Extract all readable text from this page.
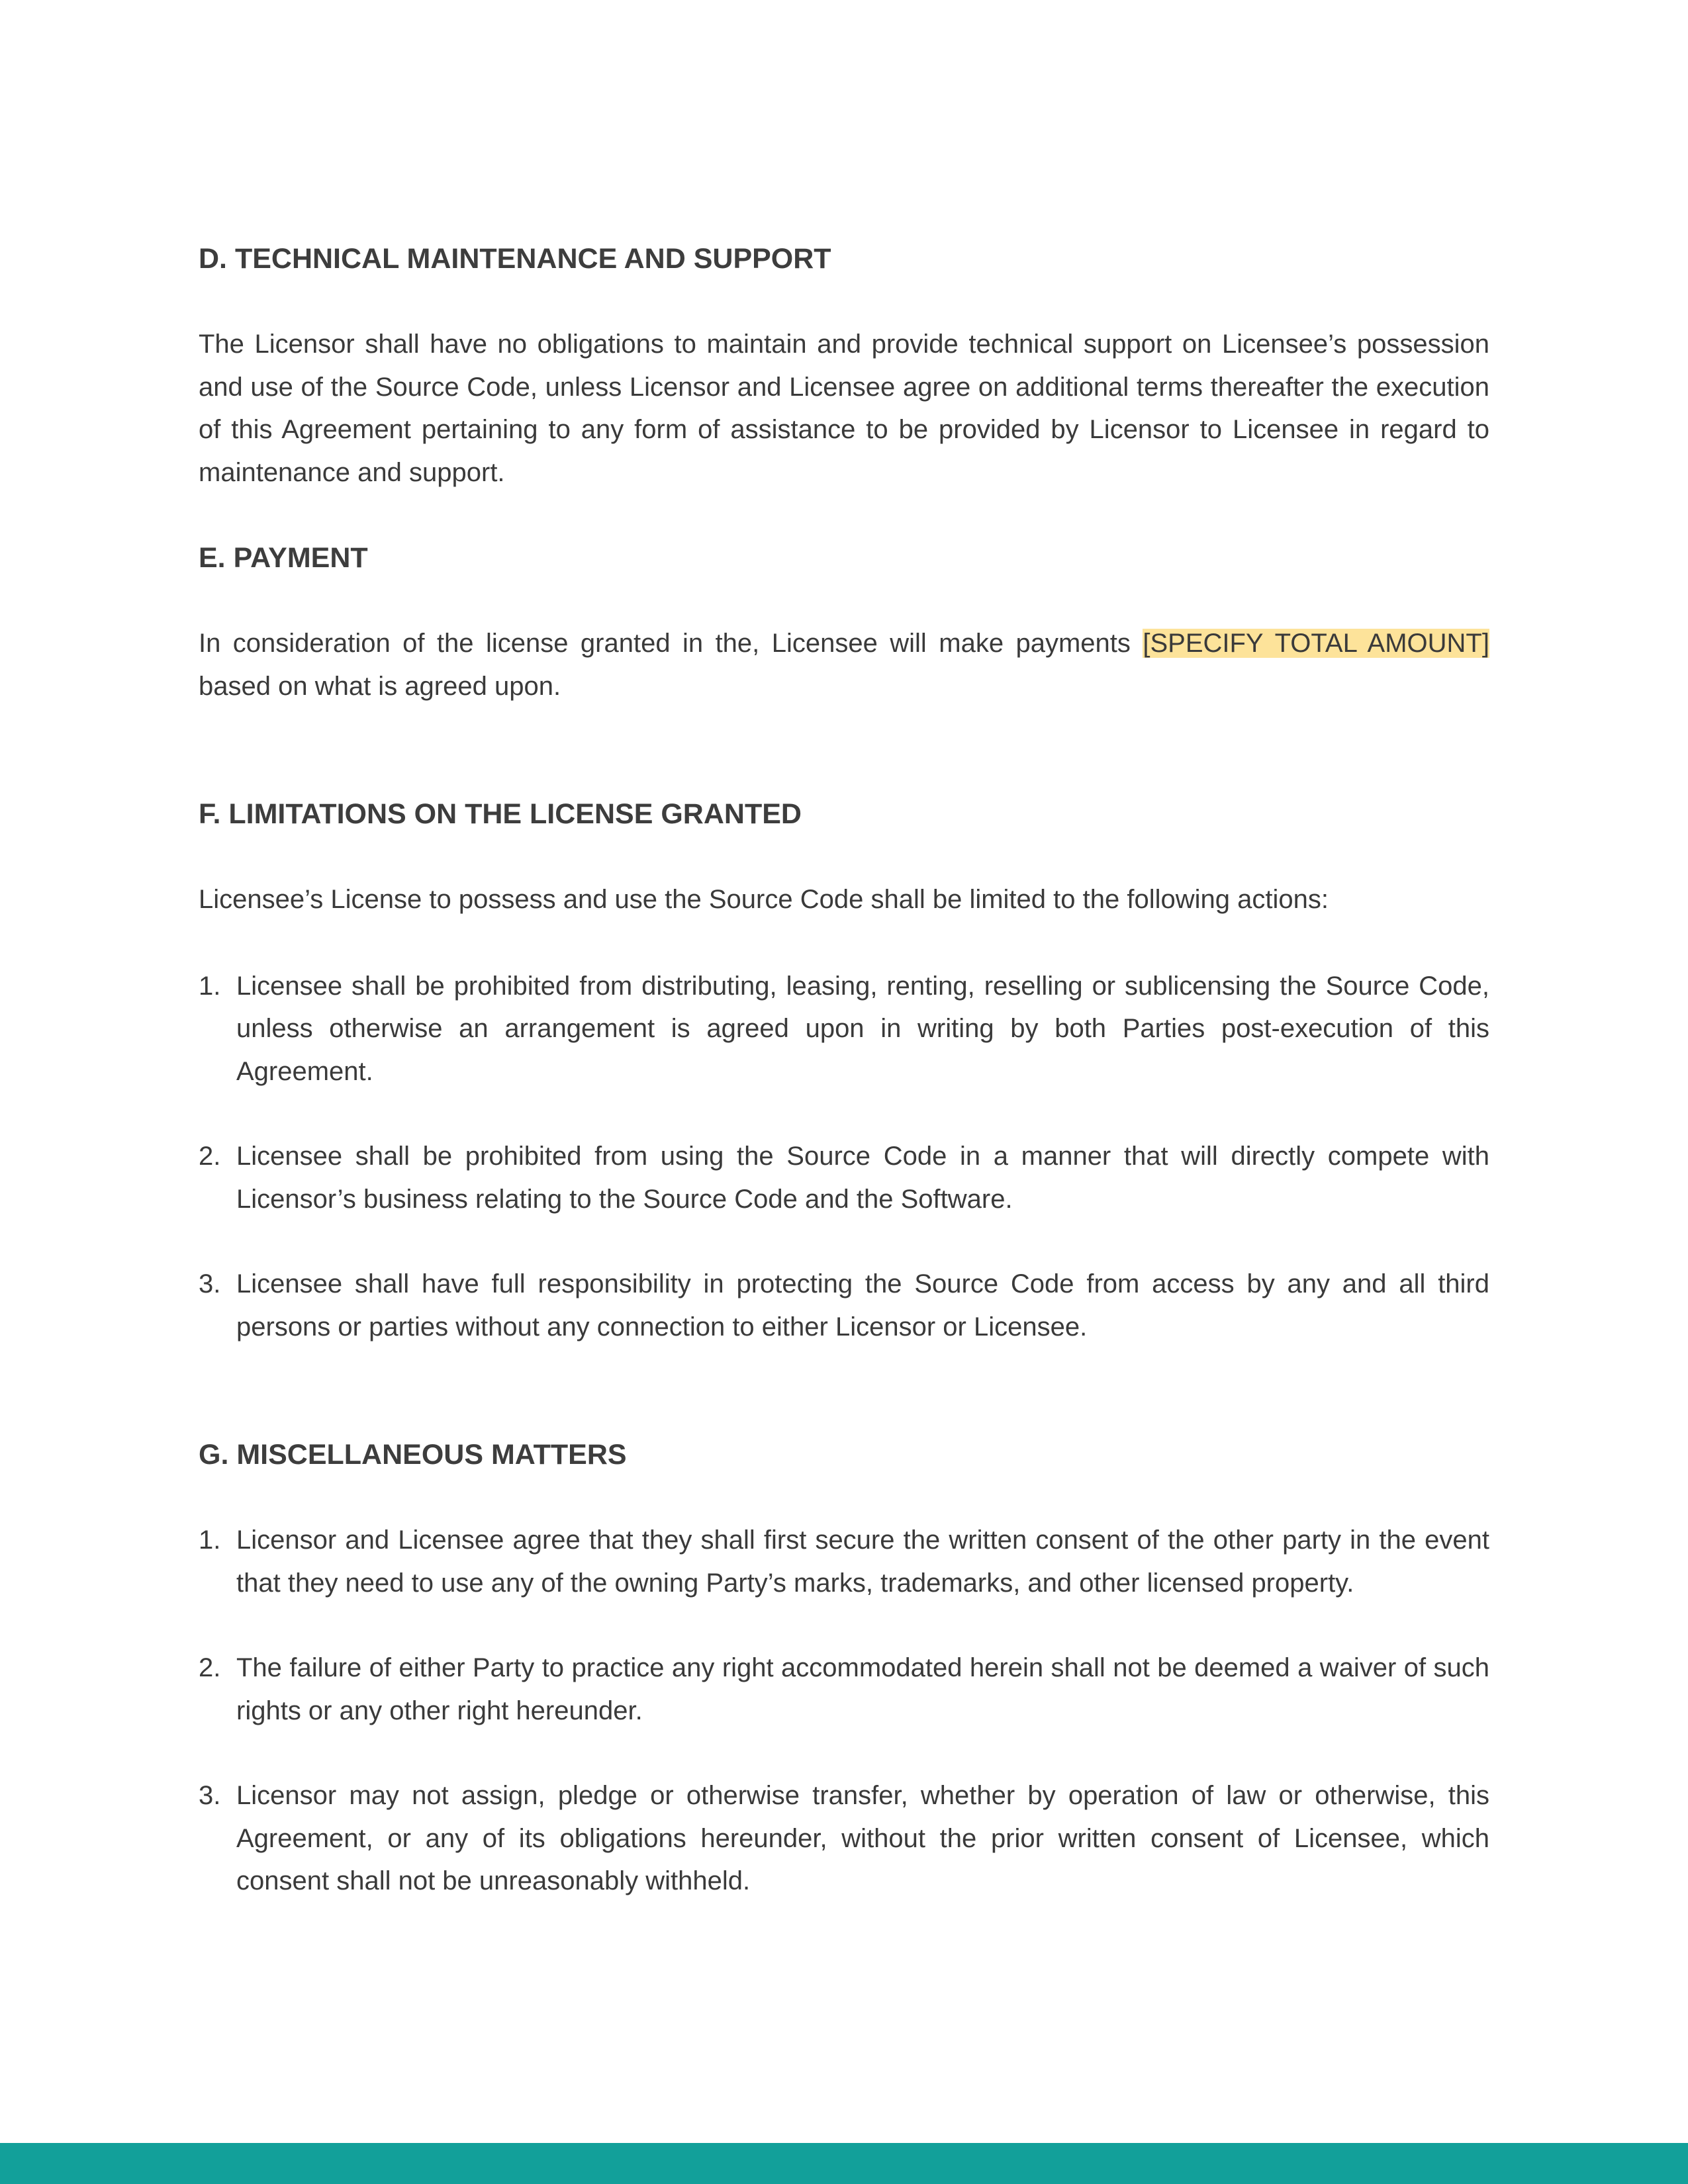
D. TECHNICAL MAINTENANCE AND SUPPORT

The Licensor shall have no obligations to maintain and provide technical support on Licensee’s possession and use of the Source Code, unless Licensor and Licensee agree on additional terms thereafter the execution of this Agreement pertaining to any form of assistance to be provided by Licensor to Licensee in regard to maintenance and support.

E. PAYMENT

In consideration of the license granted in the, Licensee will make payments [SPECIFY TOTAL AMOUNT] based on what is agreed upon.

F. LIMITATIONS ON THE LICENSE GRANTED

Licensee’s License to possess and use the Source Code shall be limited to the following actions:

1. Licensee shall be prohibited from distributing, leasing, renting, reselling or sublicensing the Source Code, unless otherwise an arrangement is agreed upon in writing by both Parties post-execution of this Agreement.
2. Licensee shall be prohibited from using the Source Code in a manner that will directly compete with Licensor’s business relating to the Source Code and the Software.
3. Licensee shall have full responsibility in protecting the Source Code from access by any and all third persons or parties without any connection to either Licensor or Licensee.
G. MISCELLANEOUS MATTERS
1. Licensor and Licensee agree that they shall first secure the written consent of the other party in the event that they need to use any of the owning Party’s marks, trademarks, and other licensed property.
2. The failure of either Party to practice any right accommodated herein shall not be deemed a waiver of such rights or any other right hereunder.
3. Licensor may not assign, pledge or otherwise transfer, whether by operation of law or otherwise, this Agreement, or any of its obligations hereunder, without the prior written consent of Licensee, which consent shall not be unreasonably withheld.
